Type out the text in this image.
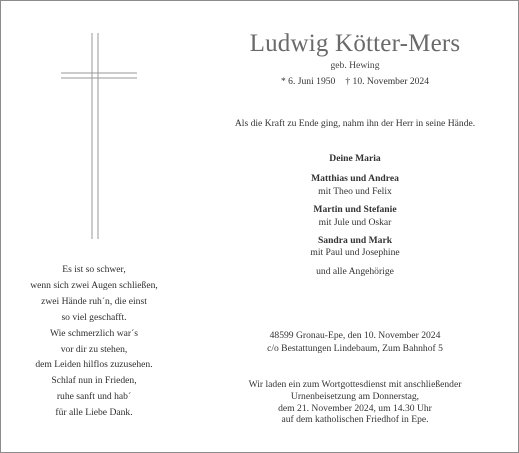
Es ist so schwer,
wenn sich zwei Augen schließen,
zwei Hände ruh´n, die einst
so viel geschafft.
Wie schmerzlich war´s
vor dir zu stehen,
dem Leiden hilflos zuzusehen.
Schlaf nun in Frieden,
ruhe sanft und hab´
für alle Liebe Dank.
Ludwig Kötter-Mers
geb. Hewing
* 6. Juni 1950 † 10. November 2024
Als die Kraft zu Ende ging, nahm ihn der Herr in seine Hände.
Deine Maria
Matthias und Andrea
mit Theo und Felix
Martin und Stefanie
mit Jule und Oskar
Sandra und Mark
mit Paul und Josephine
und alle Angehörige
48599 Gronau-Epe, den 10. November 2024
c/o Bestattungen Lindebaum, Zum Bahnhof 5
Wir laden ein zum Wortgottesdienst mit anschließender
Urnenbeisetzung am Donnerstag,
dem 21. November 2024, um 14.30 Uhr
auf dem katholischen Friedhof in Epe.
